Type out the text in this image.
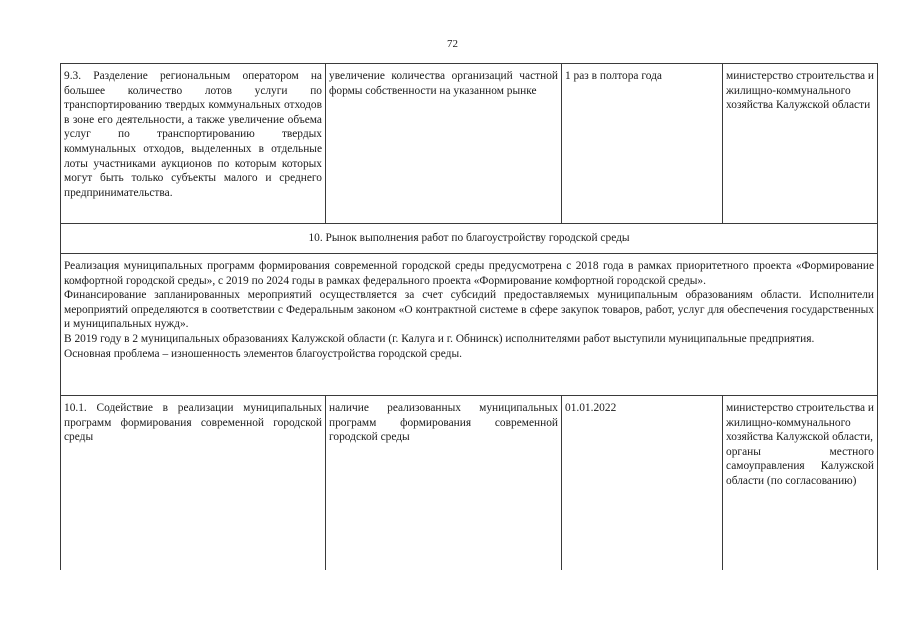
72
9.3. Разделение региональным оператором на большее количество лотов услуги по транспортированию твердых коммунальных отходов в зоне его деятельности, а также увеличение объема услуг по транспортированию твердых коммунальных отходов, выделенных в отдельные лоты участниками аукционов по которым которых могут быть только субъекты малого и среднего предпринимательства.	увеличение количества организаций частной формы собственности на указанном рынке	1 раз в полтора года	министерство строительства и жилищно-коммунального хозяйства Калужской области
10. Рынок выполнения работ по благоустройству городской среды			

Реализация муниципальных программ формирования современной городской среды предусмотрена с 2018 года в рамках приоритетного проекта «Формирование комфортной городской среды», с 2019 по 2024 годы в рамках федерального проекта «Формирование комфортной городской среды».

Финансирование запланированных мероприятий осуществляется за счет субсидий предоставляемых муниципальным образованиям области. Исполнители мероприятий определяются в соответствии с Федеральным законом «О контрактной системе в сфере закупок товаров, работ, услуг для обеспечения государственных и муниципальных нужд».

В 2019 году в 2 муниципальных образованиях Калужской области (г. Калуга и г. Обнинск) исполнителями работ выступили муниципальные предприятия.

Основная проблема – изношенность элементов благоустройства городской среды.			

10.1. Содействие в реализации муниципальных программ формирования современной городской среды	наличие реализованных муниципальных программ формирования современной городской среды	01.01.2022	министерство строительства и жилищно-коммунального хозяйства Калужской области,
органы местного самоуправления Калужской области (по согласованию)
